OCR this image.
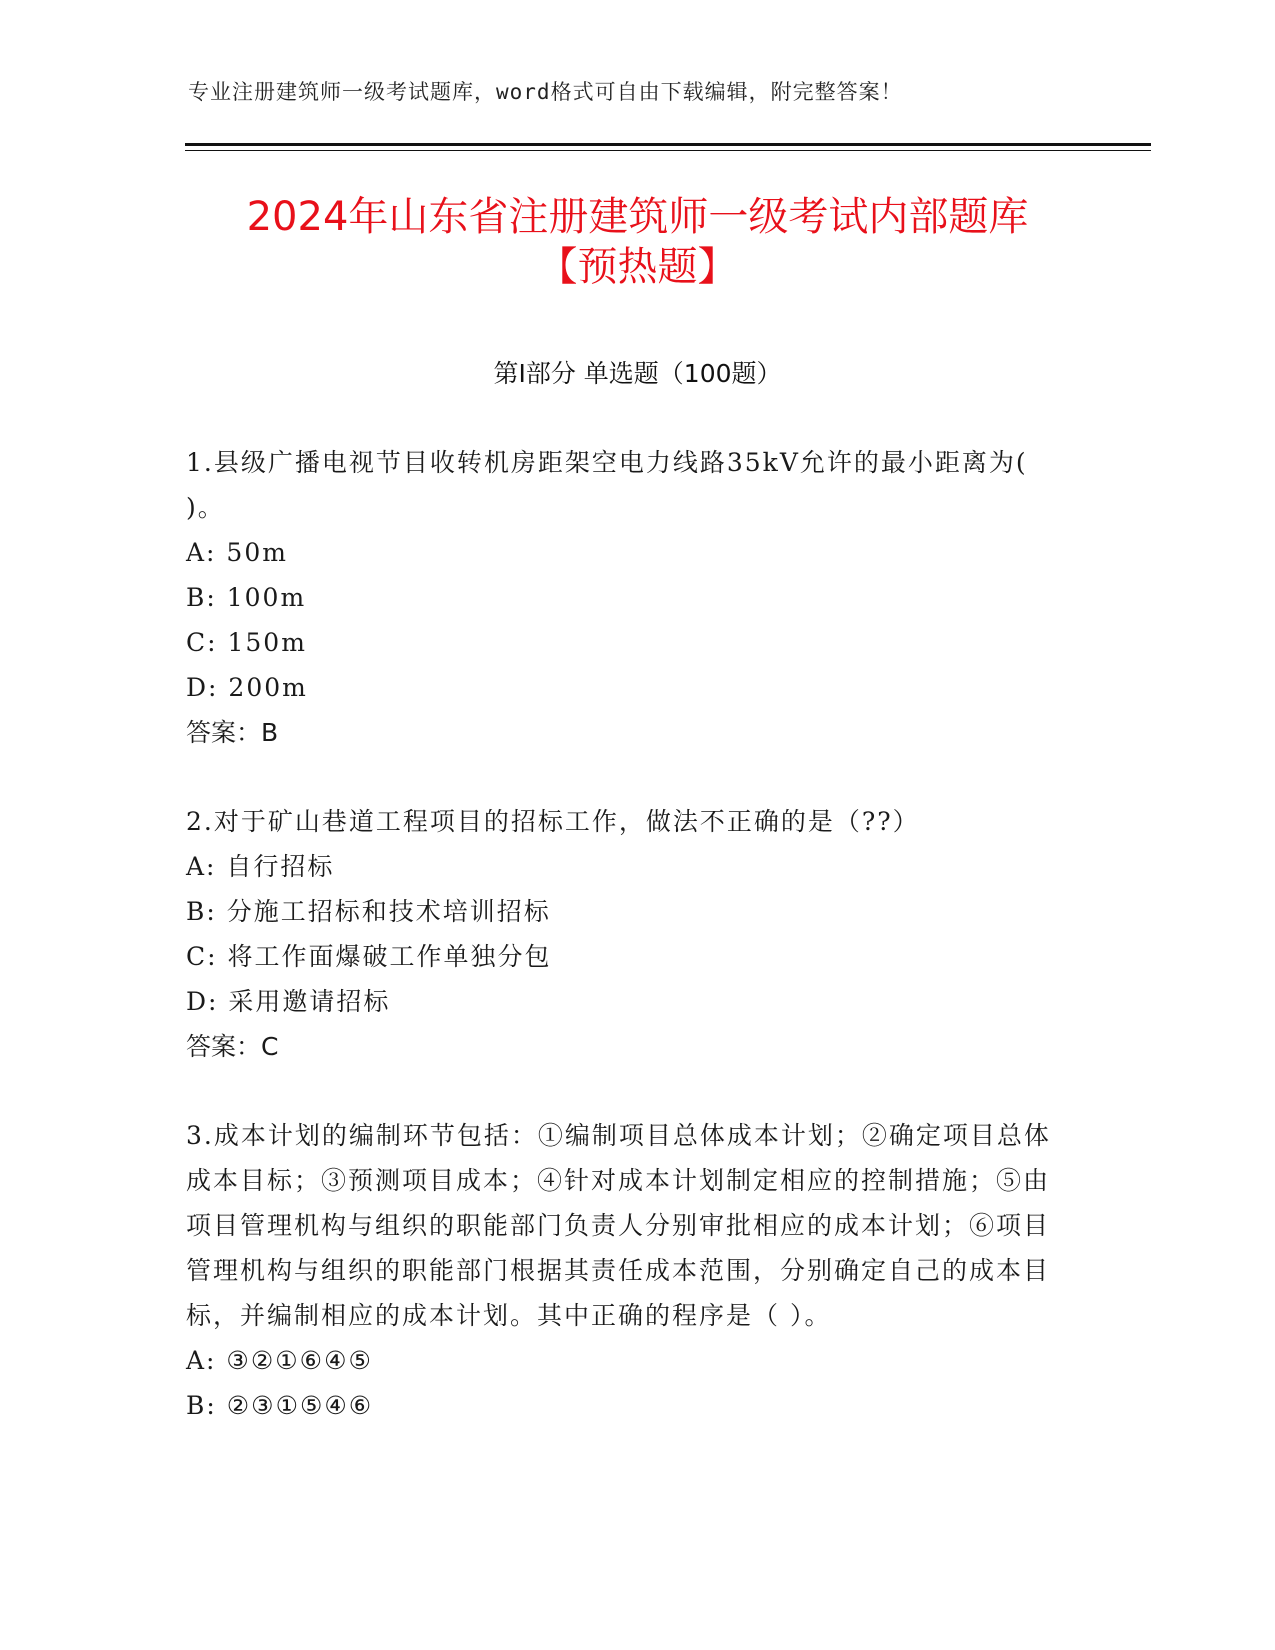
专业注册建筑师一级考试题库，word格式可自由下载编辑，附完整答案！
2024年山东省注册建筑师一级考试内部题库
【预热题】
第Ⅰ部分 单选题（100题）

1.县级广播电视节目收转机房距架空电力线路35kV允许的最小距离为( )。

A: 50m

B: 100m

C: 150m

D: 200m

答案：B

2.对于矿山巷道工程项目的招标工作，做法不正确的是（??）

A: 自行招标

B: 分施工招标和技术培训招标

C: 将工作面爆破工作单独分包

D: 采用邀请招标

答案：C

3.成本计划的编制环节包括：①编制项目总体成本计划；②确定项目总体成本目标；③预测项目成本；④针对成本计划制定相应的控制措施；⑤由项目管理机构与组织的职能部门负责人分别审批相应的成本计划；⑥项目管理机构与组织的职能部门根据其责任成本范围，分别确定自己的成本目标，并编制相应的成本计划。其中正确的程序是（ ）。

A: ③②①⑥④⑤

B: ②③①⑤④⑥
